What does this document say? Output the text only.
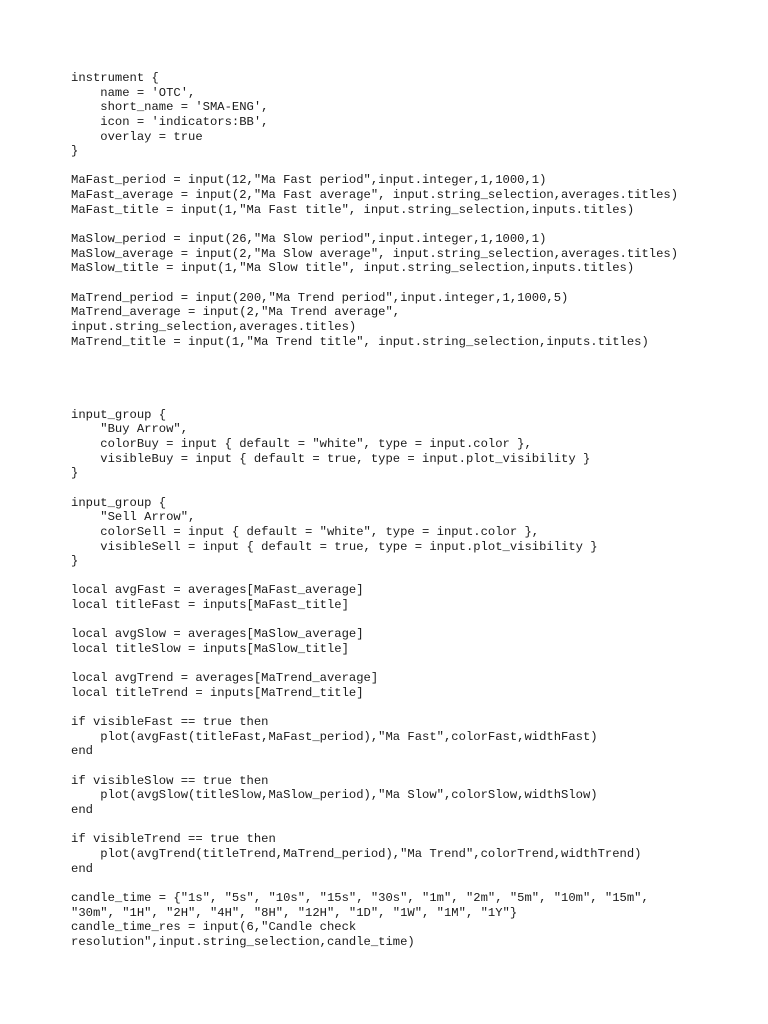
instrument {
name = 'OTC',
short_name = 'SMA-ENG',
icon = 'indicators:BB',
overlay = true
}
MaFast_period = input(12,"Ma Fast period",input.integer,1,1000,1)
MaFast_average = input(2,"Ma Fast average", input.string_selection,averages.titles)
MaFast_title = input(1,"Ma Fast title", input.string_selection,inputs.titles)
MaSlow_period = input(26,"Ma Slow period",input.integer,1,1000,1)
MaSlow_average = input(2,"Ma Slow average", input.string_selection,averages.titles)
MaSlow_title = input(1,"Ma Slow title", input.string_selection,inputs.titles)
MaTrend_period = input(200,"Ma Trend period",input.integer,1,1000,5)
MaTrend_average = input(2,"Ma Trend average",
input.string_selection,averages.titles)
MaTrend_title = input(1,"Ma Trend title", input.string_selection,inputs.titles)
input_group {
"Buy Arrow",
colorBuy = input { default = "white", type = input.color },
visibleBuy = input { default = true, type = input.plot_visibility }
}
input_group {
"Sell Arrow",
colorSell = input { default = "white", type = input.color },
visibleSell = input { default = true, type = input.plot_visibility }
}
local avgFast = averages[MaFast_average]
local titleFast = inputs[MaFast_title]
local avgSlow = averages[MaSlow_average]
local titleSlow = inputs[MaSlow_title]
local avgTrend = averages[MaTrend_average]
local titleTrend = inputs[MaTrend_title]
if visibleFast == true then
plot(avgFast(titleFast,MaFast_period),"Ma Fast",colorFast,widthFast)
end
if visibleSlow == true then
plot(avgSlow(titleSlow,MaSlow_period),"Ma Slow",colorSlow,widthSlow)
end
if visibleTrend == true then
plot(avgTrend(titleTrend,MaTrend_period),"Ma Trend",colorTrend,widthTrend)
end
candle_time = {"1s", "5s", "10s", "15s", "30s", "1m", "2m", "5m", "10m", "15m",
"30m", "1H", "2H", "4H", "8H", "12H", "1D", "1W", "1M", "1Y"}
candle_time_res = input(6,"Candle check
resolution",input.string_selection,candle_time)
